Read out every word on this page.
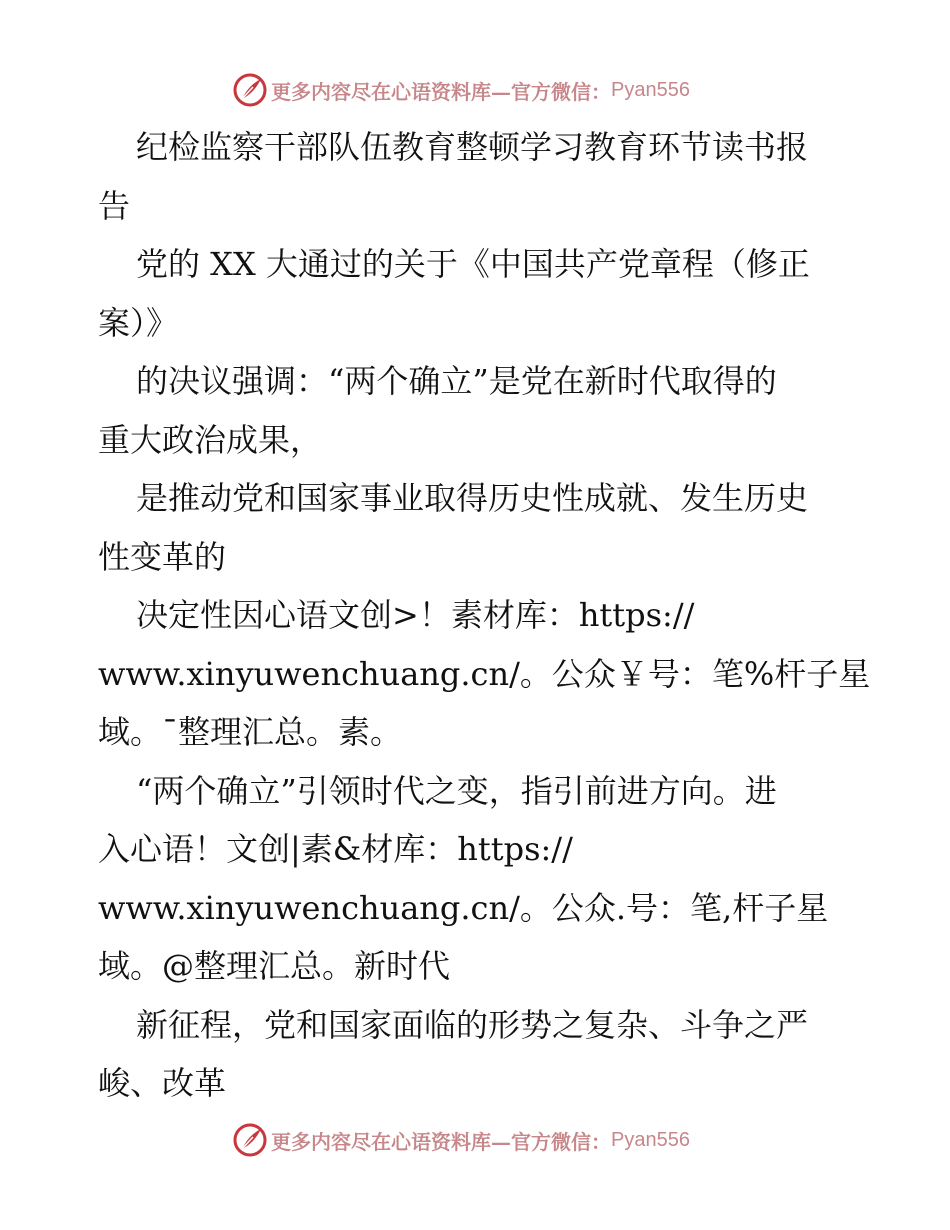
更多内容尽在心语资料库—官方微信： Pyan556
纪检监察干部队伍教育整顿学习教育环节读书报
告
党的 XX 大通过的关于《中国共产党章程（修正
案）》
的决议强调：“两个确立”是党在新时代取得的
重大政治成果，
是推动党和国家事业取得历史性成就、发生历史
性变革的
决定性因心语文创>！素材库：https://
www.xinyuwenchuang.cn/。公众￥号：笔%杆子星
域。¯整理汇总。素。
“两个确立”引领时代之变，指引前进方向。进
入心语！文创|素&材库：https://
www.xinyuwenchuang.cn/。公众.号：笔,杆子星
域。@整理汇总。新时代
新征程，党和国家面临的形势之复杂、斗争之严
峻、改革
更多内容尽在心语资料库—官方微信： Pyan556
